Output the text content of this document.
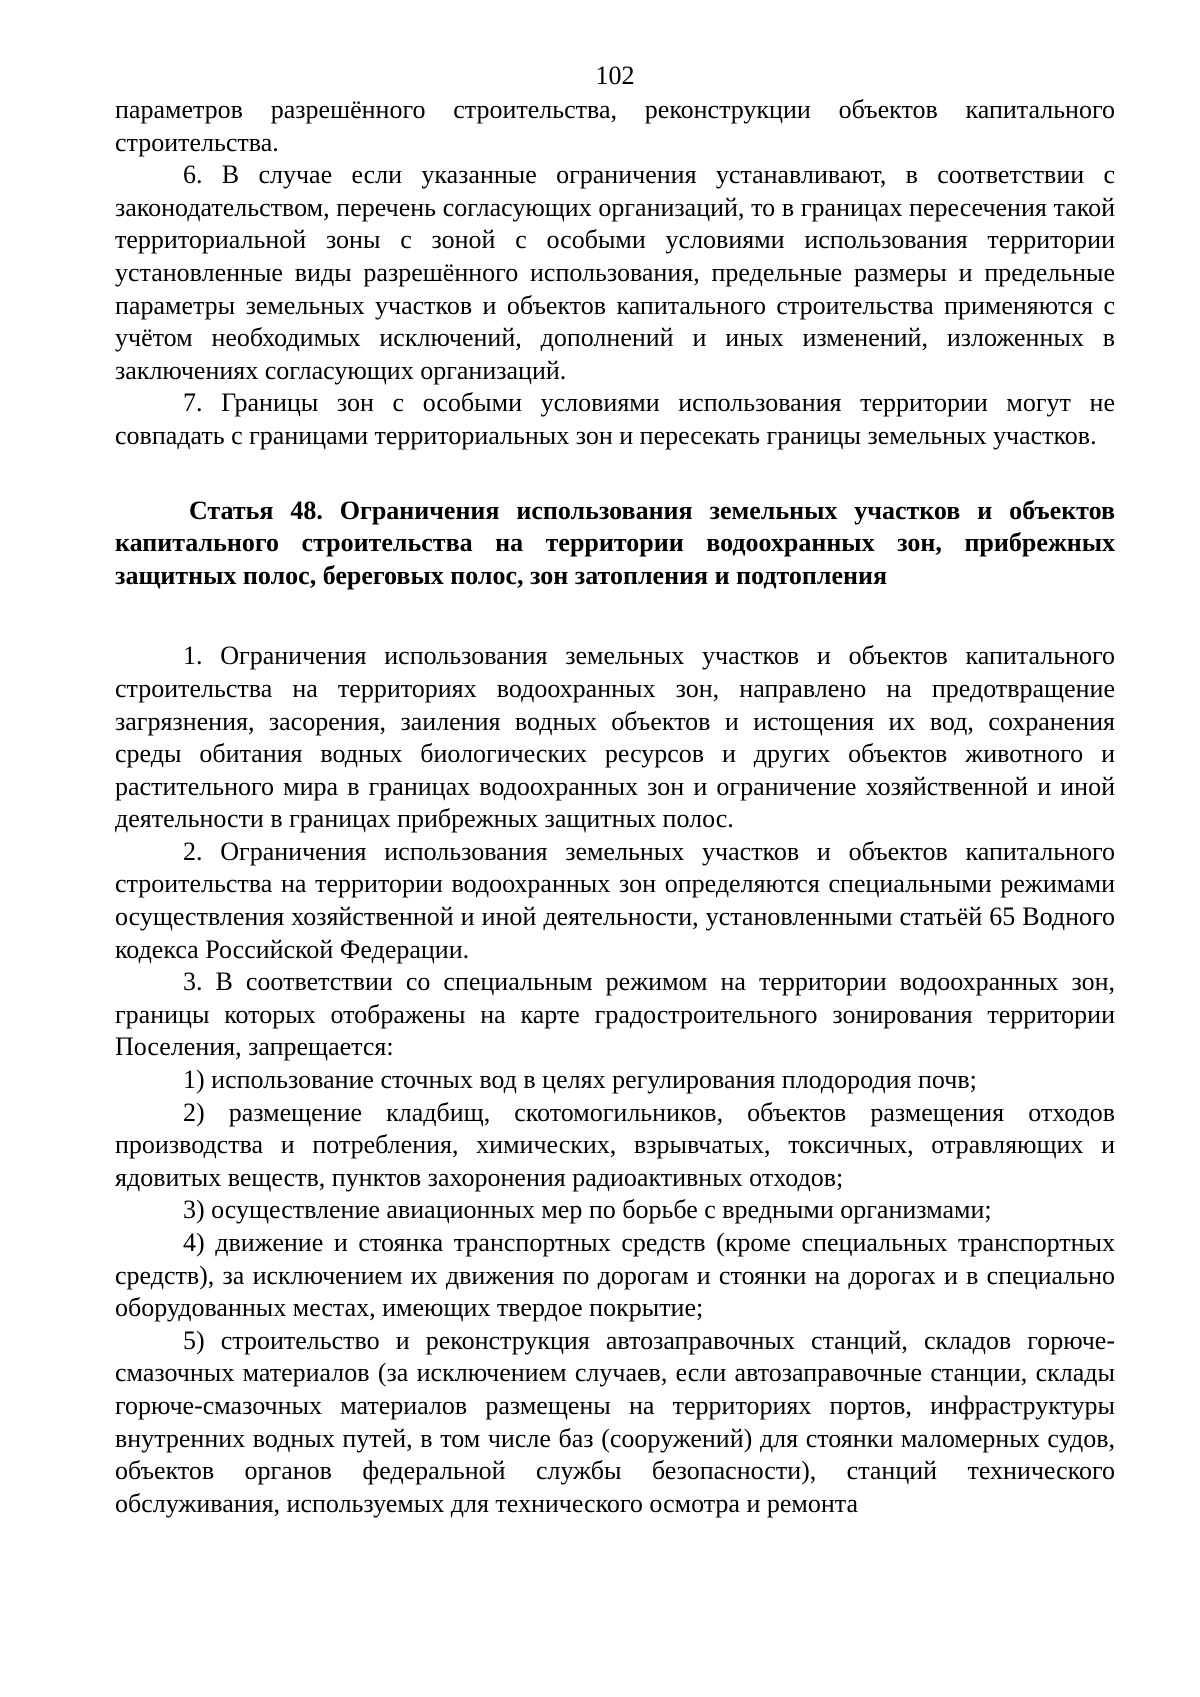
102

параметров разрешённого строительства, реконструкции объектов капитального строительства.

6. В случае если указанные ограничения устанавливают, в соответствии с законодательством, перечень согласующих организаций, то в границах пересечения такой территориальной зоны с зоной с особыми условиями использования территории установленные виды разрешённого использования, предельные размеры и предельные параметры земельных участков и объектов капитального строительства применяются с учётом необходимых исключений, дополнений и иных изменений, изложенных в заключениях согласующих организаций.

7. Границы зон с особыми условиями использования территории могут не совпадать с границами территориальных зон и пересекать границы земельных участков.

Статья 48. Ограничения использования земельных участков и объектов капитального строительства на территории водоохранных зон, прибрежных защитных полос, береговых полос, зон затопления и подтопления

1. Ограничения использования земельных участков и объектов капитального строительства на территориях водоохранных зон, направлено на предотвращение загрязнения, засорения, заиления водных объектов и истощения их вод, сохранения среды обитания водных биологических ресурсов и других объектов животного и растительного мира в границах водоохранных зон и ограничение хозяйственной и иной деятельности в границах прибрежных защитных полос.

2. Ограничения использования земельных участков и объектов капитального строительства на территории водоохранных зон определяются специальными режимами осуществления хозяйственной и иной деятельности, установленными статьёй 65 Водного кодекса Российской Федерации.

3. В соответствии со специальным режимом на территории водоохранных зон, границы которых отображены на карте градостроительного зонирования территории Поселения, запрещается:

1) использование сточных вод в целях регулирования плодородия почв;

2) размещение кладбищ, скотомогильников, объектов размещения отходов производства и потребления, химических, взрывчатых, токсичных, отравляющих и ядовитых веществ, пунктов захоронения радиоактивных отходов;

3) осуществление авиационных мер по борьбе с вредными организмами;

4) движение и стоянка транспортных средств (кроме специальных транспортных средств), за исключением их движения по дорогам и стоянки на дорогах и в специально оборудованных местах, имеющих твердое покрытие;

5) строительство и реконструкция автозаправочных станций, складов горюче-смазочных материалов (за исключением случаев, если автозаправочные станции, склады горюче-смазочных материалов размещены на территориях портов, инфраструктуры внутренних водных путей, в том числе баз (сооружений) для стоянки маломерных судов, объектов органов федеральной службы безопасности), станций технического обслуживания, используемых для технического осмотра и ремонта
